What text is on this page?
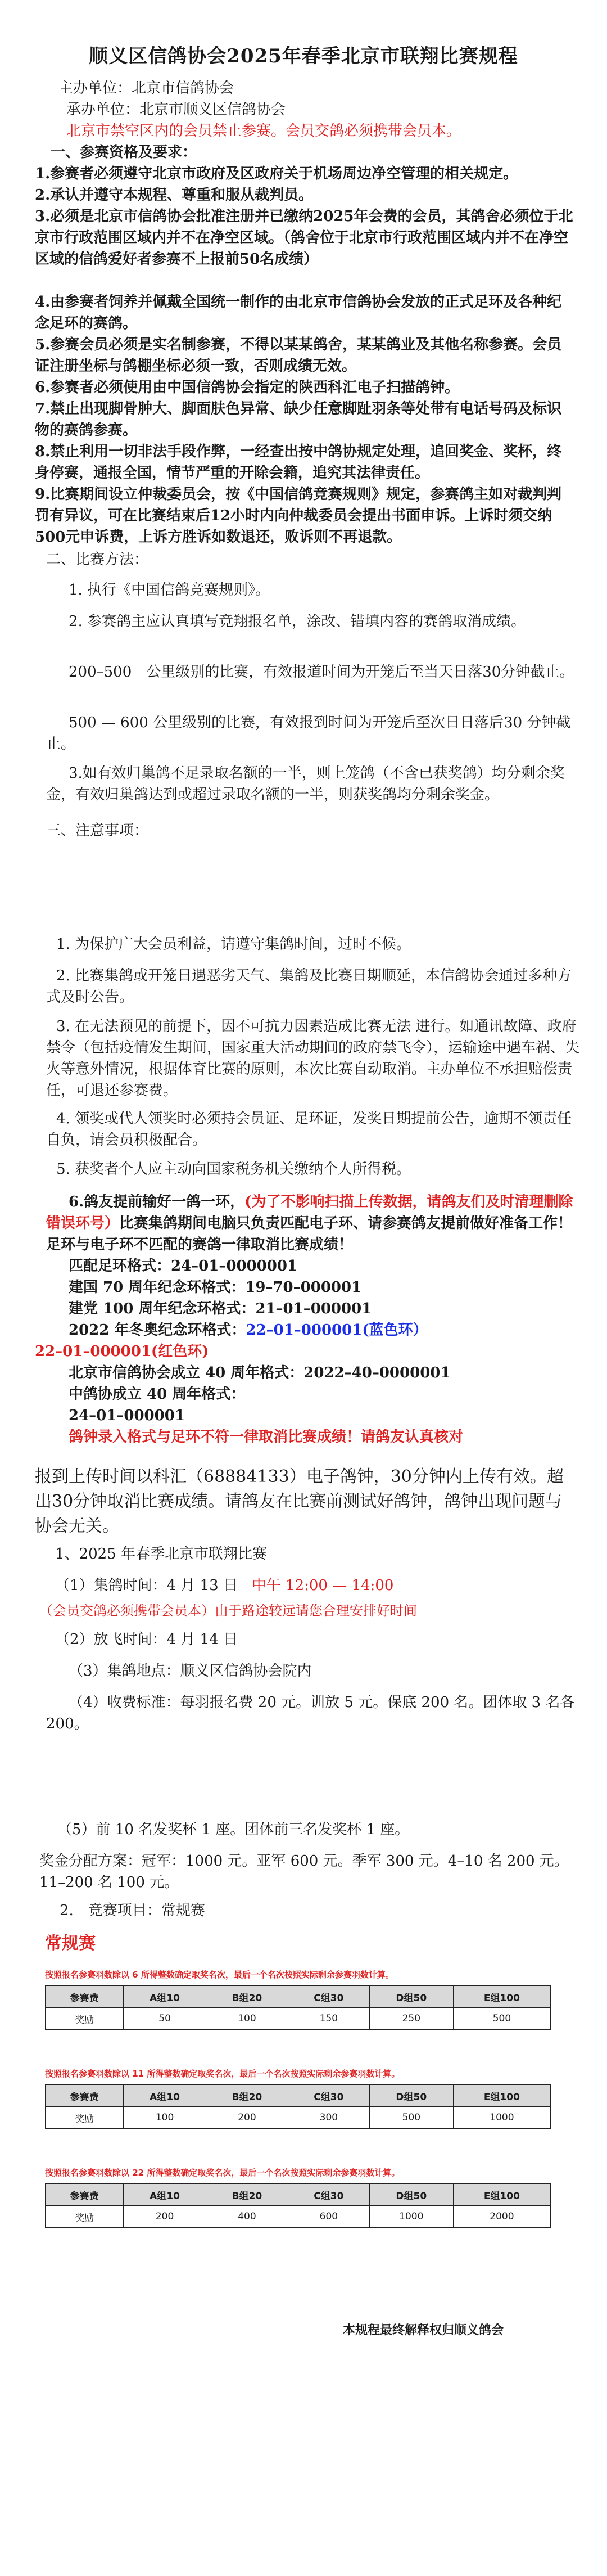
顺义区信鸽协会2025年春季北京市联翔比赛规程

主办单位：北京市信鸽协会

承办单位：北京市顺义区信鸽协会

北京市禁空区内的会员禁止参赛。会员交鸽必须携带会员本。

一、参赛资格及要求：

1.参赛者必须遵守北京市政府及区政府关于机场周边净空管理的相关规定。

2.承认并遵守本规程、尊重和服从裁判员。

3.必须是北京市信鸽协会批准注册并已缴纳2025年会费的会员，其鸽舍必须位于北京市行政范围区域内并不在净空区域。（鸽舍位于北京市行政范围区域内并不在净空区域的信鸽爱好者参赛不上报前50名成绩）

4.由参赛者饲养并佩戴全国统一制作的由北京市信鸽协会发放的正式足环及各种纪念足环的赛鸽。

5.参赛会员必须是实名制参赛，不得以某某鸽舍，某某鸽业及其他名称参赛。会员证注册坐标与鸽棚坐标必须一致，否则成绩无效。

6.参赛者必须使用由中国信鸽协会指定的陕西科汇电子扫描鸽钟。

7.禁止出现脚骨肿大、脚面肤色异常、缺少任意脚趾羽条等处带有电话号码及标识物的赛鸽参赛。

8.禁止利用一切非法手段作弊，一经查出按中鸽协规定处理，追回奖金、奖杯，终身停赛，通报全国，情节严重的开除会籍，追究其法律责任。

9.比赛期间设立仲裁委员会，按《中国信鸽竞赛规则》规定，参赛鸽主如对裁判判罚有异议，可在比赛结束后12小时内向仲裁委员会提出书面申诉。上诉时须交纳500元申诉费，上诉方胜诉如数退还，败诉则不再退款。

二、比赛方法：

1. 执行《中国信鸽竞赛规则》。

2. 参赛鸽主应认真填写竞翔报名单，涂改、错填内容的赛鸽取消成绩。

200–500　公里级别的比赛，有效报道时间为开笼后至当天日落30分钟截止。

500 — 600 公里级别的比赛，有效报到时间为开笼后至次日日落后30 分钟截止。

3.如有效归巢鸽不足录取名额的一半，则上笼鸽（不含已获奖鸽）均分剩余奖金，有效归巢鸽达到或超过录取名额的一半，则获奖鸽均分剩余奖金。

三、注意事项：

1. 为保护广大会员利益，请遵守集鸽时间，过时不候。

2. 比赛集鸽或开笼日遇恶劣天气、集鸽及比赛日期顺延，本信鸽协会通过多种方式及时公告。

3. 在无法预见的前提下，因不可抗力因素造成比赛无法 进行。如通讯故障、政府禁令（包括疫情发生期间，国家重大活动期间的政府禁飞令），运输途中遇车祸、失火等意外情况，根据体育比赛的原则，本次比赛自动取消。主办单位不承担赔偿责任，可退还参赛费。

4. 领奖或代人领奖时必须持会员证、足环证，发奖日期提前公告，逾期不领责任自负，请会员积极配合。

5. 获奖者个人应主动向国家税务机关缴纳个人所得税。

6.鸽友提前输好一鸽一环，(为了不影响扫描上传数据，请鸽友们及时清理删除错误环号）比赛集鸽期间电脑只负责匹配电子环、请参赛鸽友提前做好准备工作！足环与电子环不匹配的赛鸽一律取消比赛成绩！

匹配足环格式：24–01–0000001

建国 70 周年纪念环格式：19–70–000001

建党 100 周年纪念环格式：21–01–000001

2022 年冬奥纪念环格式：22–01–000001(蓝色环）

22–01–000001(红色环)

北京市信鸽协会成立 40 周年格式：2022–40–0000001

中鸽协成立 40 周年格式：

24–01–000001

鸽钟录入格式与足环不符一律取消比赛成绩！请鸽友认真核对

报到上传时间以科汇（68884133）电子鸽钟，30分钟内上传有效。超出30分钟取消比赛成绩。请鸽友在比赛前测试好鸽钟，鸽钟出现问题与协会无关。

1、2025 年春季北京市联翔比赛

（1）集鸽时间：4 月 13 日 中午 12:00 — 14:00

（会员交鸽必须携带会员本）由于路途较远请您合理安排好时间

（2）放飞时间：4 月 14 日

（3）集鸽地点：顺义区信鸽协会院内

（4）收费标准：每羽报名费 20 元。训放 5 元。保底 200 名。团体取 3 名各 200。

（5）前 10 名发奖杯 1 座。团体前三名发奖杯 1 座。

奖金分配方案：冠军：1000 元。亚军 600 元。季军 300 元。4–10 名 200 元。11–200 名 100 元。

2.　竞赛项目：常规赛

常规赛
按照报名参赛羽数除以 6 所得整数确定取奖名次，最后一个名次按照实际剩余参赛羽数计算。
参赛费	A组10	B组20	C组30	D组50	E组100
奖励	50	100	150	250	500
按照报名参赛羽数除以 11 所得整数确定取奖名次，最后一个名次按照实际剩余参赛羽数计算。
参赛费	A组10	B组20	C组30	D组50	E组100
奖励	100	200	300	500	1000
按照报名参赛羽数除以 22 所得整数确定取奖名次，最后一个名次按照实际剩余参赛羽数计算。
参赛费	A组10	B组20	C组30	D组50	E组100
奖励	200	400	600	1000	2000
本规程最终解释权归顺义鸽会
